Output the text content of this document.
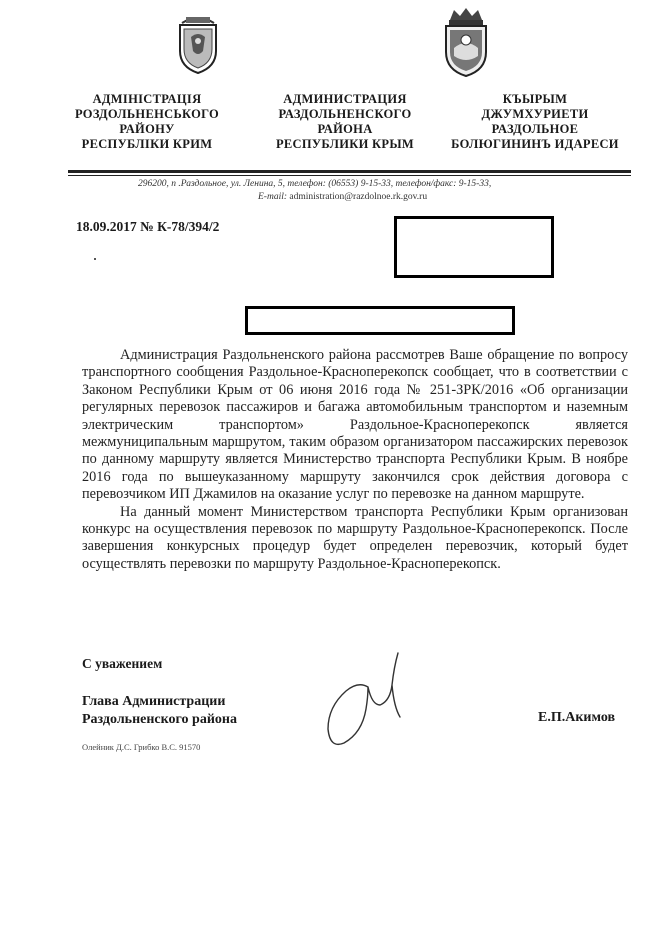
АДМІНІСТРАЦІЯ
РОЗДОЛЬНЕНСЬКОГО
РАЙОНУ
РЕСПУБЛІКИ КРИМ
АДМИНИСТРАЦИЯ
РАЗДОЛЬНЕНСКОГО
РАЙОНА
РЕСПУБЛИКИ КРЫМ
КЪЫРЫМ
ДЖУМХУРИЕТИ
РАЗДОЛЬНОЕ
БОЛЮГИНИНЪ ИДАРЕСИ
296200, п .Раздольное, ул. Ленина, 5, телефон: (06553) 9-15-33, телефон/факс: 9-15-33,
E-mail: administration@razdolnoe.rk.gov.ru
18.09.2017 № К-78/394/2

Администрация Раздольненского района рассмотрев Ваше обращение по вопросу транспортного сообщения Раздольное-Красноперекопск сообщает, что в соответствии с Законом Республики Крым от 06 июня 2016 года № 251-ЗРК/2016 «Об организации регулярных перевозок пассажиров и багажа автомобильным транспортом и наземным электрическим транспортом» Раздольное-Красноперекопск является межмуниципальным маршрутом, таким образом организатором пассажирских перевозок по данному маршруту является Министерство транспорта Республики Крым. В ноябре 2016 года по вышеуказанному маршруту закончился срок действия договора с перевозчиком ИП Джамилов на оказание услуг по перевозке на данном маршруте.

На данный момент Министерством транспорта Республики Крым организован конкурс на осуществления перевозок по маршруту Раздольное-Красноперекопск. После завершения конкурсных процедур будет определен перевозчик, который будет осуществлять перевозки по маршруту Раздольное-Красноперекопск.

С уважением
Глава Администрации
Раздольненского района	Е.П.Акимов
Олейник Д.С. Грибко В.С. 91570
